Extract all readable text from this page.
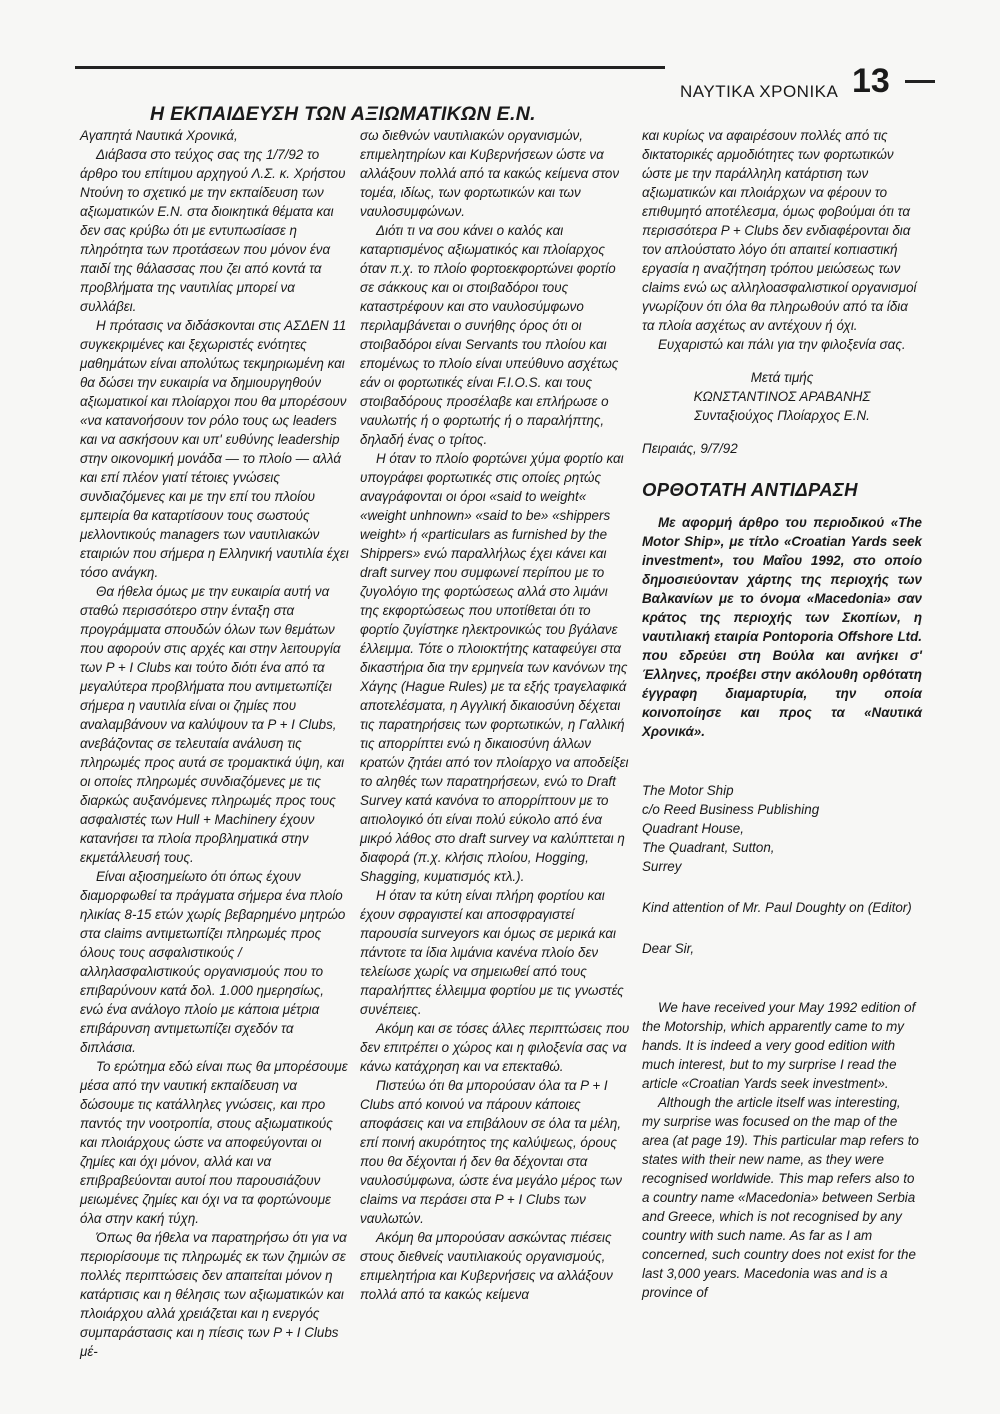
ΝΑΥΤΙΚΑ ΧΡΟΝΙΚΑ 13
Η ΕΚΠΑΙΔΕΥΣΗ ΤΩΝ ΑΞΙΩΜΑΤΙΚΩΝ Ε.Ν.

Αγαπητά Ναυτικά Χρονικά,

Διάβασα στο τεύχος σας της 1/7/92 το άρθρο του επίτιμου αρχηγού Λ.Σ. κ. Χρήστου Ντούνη το σχετικό με την εκπαίδευση των αξιωματικών Ε.Ν. στα διοικητικά θέματα και δεν σας κρύβω ότι με εντυπωσίασε η πληρότητα των προτάσεων που μόνον ένα παιδί της θάλασσας που ζει από κοντά τα προβλήματα της ναυτιλίας μπορεί να συλλάβει.

Η πρότασις να διδάσκονται στις ΑΣΔΕΝ 11 συγκεκριμένες και ξεχωριστές ενότητες μαθημάτων είναι απολύτως τεκμηριωμένη και θα δώσει την ευκαιρία να δημιουργηθούν αξιωματικοί και πλοίαρχοι που θα μπορέσουν «να κατανοήσουν τον ρόλο τους ως leaders και να ασκήσουν και υπ' ευθύνης leadership στην οικονομική μονάδα — το πλοίο — αλλά και επί πλέον γιατί τέτοιες γνώσεις συνδιαζόμενες και με την επί του πλοίου εμπειρία θα καταρτίσουν τους σωστούς μελλοντικούς managers των ναυτιλιακών εταιριών που σήμερα η Ελληνική ναυτιλία έχει τόσο ανάγκη.

Θα ήθελα όμως με την ευκαιρία αυτή να σταθώ περισσότερο στην ένταξη στα προγράμματα σπουδών όλων των θεμάτων που αφορούν στις αρχές και στην λειτουργία των P + I Clubs και τούτο διότι ένα από τα μεγαλύτερα προβλήματα που αντιμετωπίζει σήμερα η ναυτιλία είναι οι ζημίες που αναλαμβάνουν να καλύψουν τα P + I Clubs, ανεβάζοντας σε τελευταία ανάλυση τις πληρωμές προς αυτά σε τρομακτικά ύψη, και οι οποίες πληρωμές συνδιαζόμενες με τις διαρκώς αυξανόμενες πληρωμές προς τους ασφαλιστές των Hull + Machinery έχουν κατανήσει τα πλοία προβληματικά στην εκμετάλλευσή τους.

Είναι αξιοσημείωτο ότι όπως έχουν διαμορφωθεί τα πράγματα σήμερα ένα πλοίο ηλικίας 8-15 ετών χωρίς βεβαρημένο μητρώο στα claims αντιμετωπίζει πληρωμές προς όλους τους ασφαλιστικούς / αλληλασφαλιστικούς οργανισμούς που το επιβαρύνουν κατά δολ. 1.000 ημερησίως, ενώ ένα ανάλογο πλοίο με κάποια μέτρια επιβάρυνση αντιμετωπίζει σχεδόν τα διπλάσια.

Το ερώτημα εδώ είναι πως θα μπορέσουμε μέσα από την ναυτική εκπαίδευση να δώσουμε τις κατάλληλες γνώσεις, και προ παντός την νοοτροπία, στους αξιωματικούς και πλοιάρχους ώστε να αποφεύγονται οι ζημίες και όχι μόνον, αλλά και να επιβραβεύονται αυτοί που παρουσιάζουν μειωμένες ζημίες και όχι να τα φορτώνουμε όλα στην κακή τύχη.

Όπως θα ήθελα να παρατηρήσω ότι για να περιορίσουμε τις πληρωμές εκ των ζημιών σε πολλές περιπτώσεις δεν απαιτείται μόνον η κατάρτισις και η θέλησις των αξιωματικών και πλοιάρχου αλλά χρειάζεται και η ενεργός συμπαράστασις και η πίεσις των P + I Clubs μέ-

σω διεθνών ναυτιλιακών οργανισμών, επιμελητηρίων και Κυβερνήσεων ώστε να αλλάξουν πολλά από τα κακώς κείμενα στον τομέα, ιδίως, των φορτωτικών και των ναυλοσυμφώνων.

Διότι τι να σου κάνει ο καλός και καταρτισμένος αξιωματικός και πλοίαρχος όταν π.χ. το πλοίο φορτοεκφορτώνει φορτίο σε σάκκους και οι στοιβαδόροι τους καταστρέφουν και στο ναυλοσύμφωνο περιλαμβάνεται ο συνήθης όρος ότι οι στοιβαδόροι είναι Servants του πλοίου και επομένως το πλοίο είναι υπεύθυνο ασχέτως εάν οι φορτωτικές είναι F.I.O.S. και τους στοιβαδόρους προσέλαβε και επλήρωσε ο ναυλωτής ή ο φορτωτής ή ο παραλήπτης, δηλαδή ένας ο τρίτος.

Η όταν το πλοίο φορτώνει χύμα φορτίο και υπογράφει φορτωτικές στις οποίες ρητώς αναγράφονται οι όροι «said to weight« «weight unhnown» «said to be» «shippers weight» ή «particulars as furnished by the Shippers» ενώ παραλλήλως έχει κάνει και draft survey που συμφωνεί περίπου με το ζυγολόγιο της φορτώσεως αλλά στο λιμάνι της εκφορτώσεως που υποτίθεται ότι το φορτίο ζυγίστηκε ηλεκτρονικώς του βγάλανε έλλειμμα. Τότε ο πλοιοκτήτης καταφεύγει στα δικαστήρια δια την ερμηνεία των κανόνων της Χάγης (Hague Rules) με τα εξής τραγελαφικά αποτελέσματα, η Αγγλική δικαιοσύνη δέχεται τις παρατηρήσεις των φορτωτικών, η Γαλλική τις απορρίπτει ενώ η δικαιοσύνη άλλων κρατών ζητάει από τον πλοίαρχο να αποδείξει το αληθές των παρατηρήσεων, ενώ το Draft Survey κατά κανόνα το απορρίπτουν με το αιτιολογικό ότι είναι πολύ εύκολο από ένα μικρό λάθος στο draft survey να καλύπτεται η διαφορά (π.χ. κλήσις πλοίου, Hogging, Shagging, κυματισμός κτλ.).

Η όταν τα κύτη είναι πλήρη φορτίου και έχουν σφραγιστεί και αποσφραγιστεί παρουσία surveyors και όμως σε μερικά και πάντοτε τα ίδια λιμάνια κανένα πλοίο δεν τελείωσε χωρίς να σημειωθεί από τους παραλήπτες έλλειμμα φορτίου με τις γνωστές συνέπειες.

Ακόμη και σε τόσες άλλες περιπτώσεις που δεν επιτρέπει ο χώρος και η φιλοξενία σας να κάνω κατάχρηση και να επεκταθώ.

Πιστεύω ότι θα μπορούσαν όλα τα P + I Clubs από κοινού να πάρουν κάποιες αποφάσεις και να επιβάλουν σε όλα τα μέλη, επί ποινή ακυρότητος της καλύψεως, όρους που θα δέχονται ή δεν θα δέχονται στα ναυλοσύμφωνα, ώστε ένα μεγάλο μέρος των claims να περάσει στα P + I Clubs των ναυλωτών.

Ακόμη θα μπορούσαν ασκώντας πιέσεις στους διεθνείς ναυτιλιακούς οργανισμούς, επιμελητήρια και Κυβερνήσεις να αλλάξουν πολλά από τα κακώς κείμενα

και κυρίως να αφαιρέσουν πολλές από τις δικτατορικές αρμοδιότητες των φορτωτικών ώστε με την παράλληλη κατάρτιση των αξιωματικών και πλοιάρχων να φέρουν το επιθυμητό αποτέλεσμα, όμως φοβούμαι ότι τα περισσότερα P + Clubs δεν ενδιαφέρονται δια τον απλούστατο λόγο ότι απαιτεί κοπιαστική εργασία η αναζήτηση τρόπου μειώσεως των claims ενώ ως αλληλοασφαλιστικοί οργανισμοί γνωρίζουν ότι όλα θα πληρωθούν από τα ίδια τα πλοία ασχέτως αν αντέχουν ή όχι.

Ευχαριστώ και πάλι για την φιλοξενία σας.

Μετά τιμής

ΚΩΝΣΤΑΝΤΙΝΟΣ ΑΡΑΒΑΝΗΣ

Συνταξιούχος Πλοίαρχος Ε.Ν.

Πειραιάς, 9/7/92

ΟΡΘΟΤΑΤΗ ΑΝΤΙΔΡΑΣΗ

Με αφορμή άρθρο του περιοδικού «The Motor Ship», με τίτλο «Croatian Yards seek investment», του Μαΐου 1992, στο οποίο δημοσιεύονταν χάρτης της περιοχής των Βαλκανίων με το όνομα «Macedonia» σαν κράτος της περιοχής των Σκοπίων, η ναυτιλιακή εταιρία Pontoporia Offshore Ltd. που εδρεύει στη Βούλα και ανήκει σ' Έλληνες, προέβει στην ακόλουθη ορθότατη έγγραφη διαμαρτυρία, την οποία κοινοποίησε και προς τα «Ναυτικά Χρονικά».

The Motor Ship

c/o Reed Business Publishing

Quadrant House,

The Quadrant, Sutton,

Surrey

Kind attention of Mr. Paul Doughty on (Editor)

Dear Sir,

We have received your May 1992 edition of the Motorship, which apparently came to my hands. It is indeed a very good edition with much interest, but to my surprise I read the article «Croatian Yards seek investment».

Although the article itself was interesting, my surprise was focused on the map of the area (at page 19). This particular map refers to states with their new name, as they were recognised worldwide. This map refers also to a country name «Macedonia» between Serbia and Greece, which is not recognised by any country with such name. As far as I am concerned, such country does not exist for the last 3,000 years. Macedonia was and is a province of
